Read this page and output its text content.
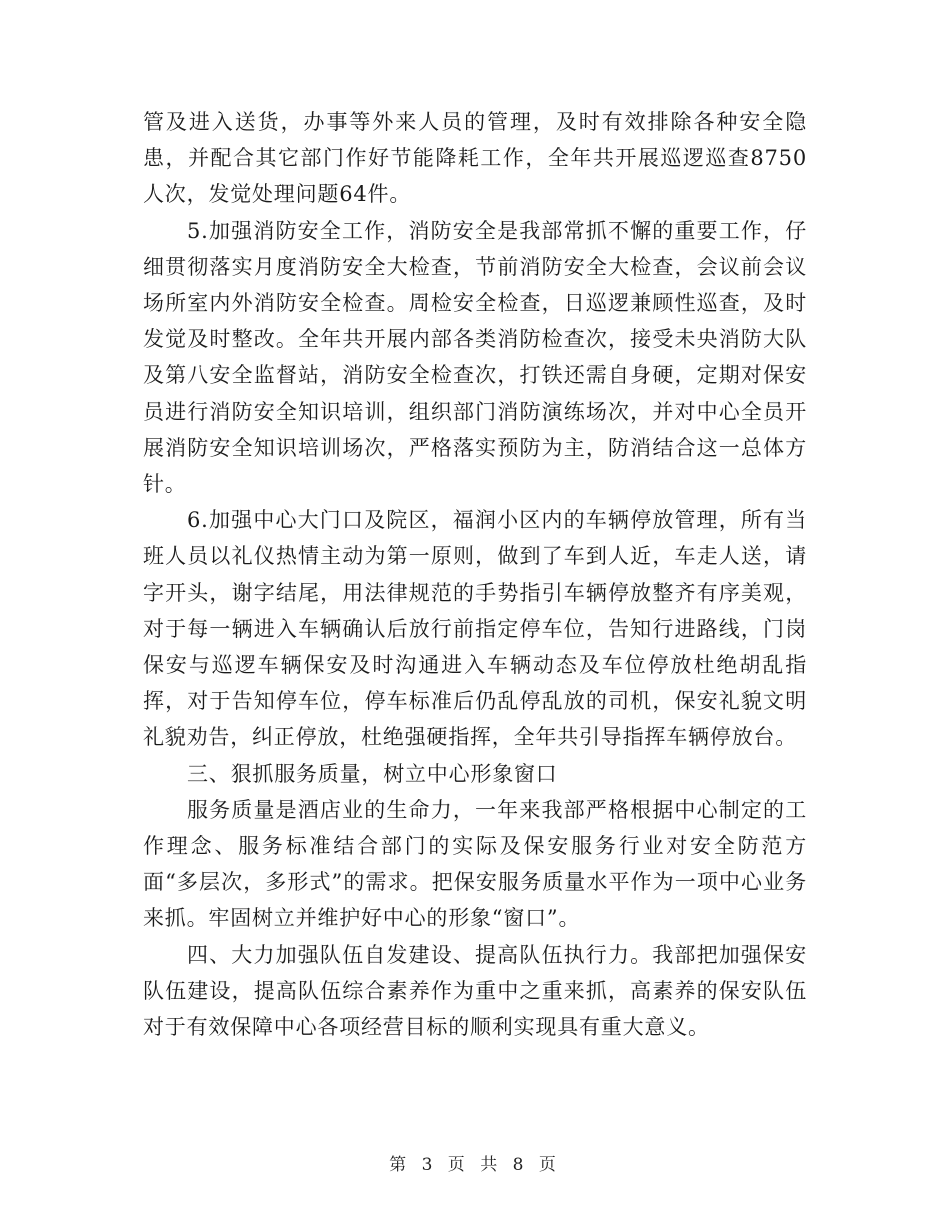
管及进入送货，办事等外来人员的管理，及时有效排除各种安全隐患，并配合其它部门作好节能降耗工作，全年共开展巡逻巡查8750人次，发觉处理问题64件。

5.加强消防安全工作，消防安全是我部常抓不懈的重要工作，仔细贯彻落实月度消防安全大检查，节前消防安全大检查，会议前会议场所室内外消防安全检查。周检安全检查，日巡逻兼顾性巡查，及时发觉及时整改。全年共开展内部各类消防检查次，接受未央消防大队及第八安全监督站，消防安全检查次，打铁还需自身硬，定期对保安员进行消防安全知识培训，组织部门消防演练场次，并对中心全员开展消防安全知识培训场次，严格落实预防为主，防消结合这一总体方针。

6.加强中心大门口及院区，福润小区内的车辆停放管理，所有当班人员以礼仪热情主动为第一原则，做到了车到人近，车走人送，请字开头，谢字结尾，用法律规范的手势指引车辆停放整齐有序美观，对于每一辆进入车辆确认后放行前指定停车位，告知行进路线，门岗保安与巡逻车辆保安及时沟通进入车辆动态及车位停放杜绝胡乱指挥，对于告知停车位，停车标准后仍乱停乱放的司机，保安礼貌文明礼貌劝告，纠正停放，杜绝强硬指挥，全年共引导指挥车辆停放台。

三、狠抓服务质量，树立中心形象窗口

服务质量是酒店业的生命力，一年来我部严格根据中心制定的工作理念、服务标准结合部门的实际及保安服务行业对安全防范方面“多层次，多形式”的需求。把保安服务质量水平作为一项中心业务来抓。牢固树立并维护好中心的形象“窗口”。

四、大力加强队伍自发建设、提高队伍执行力。我部把加强保安队伍建设，提高队伍综合素养作为重中之重来抓，高素养的保安队伍对于有效保障中心各项经营目标的顺利实现具有重大意义。

第 3 页 共 8 页
